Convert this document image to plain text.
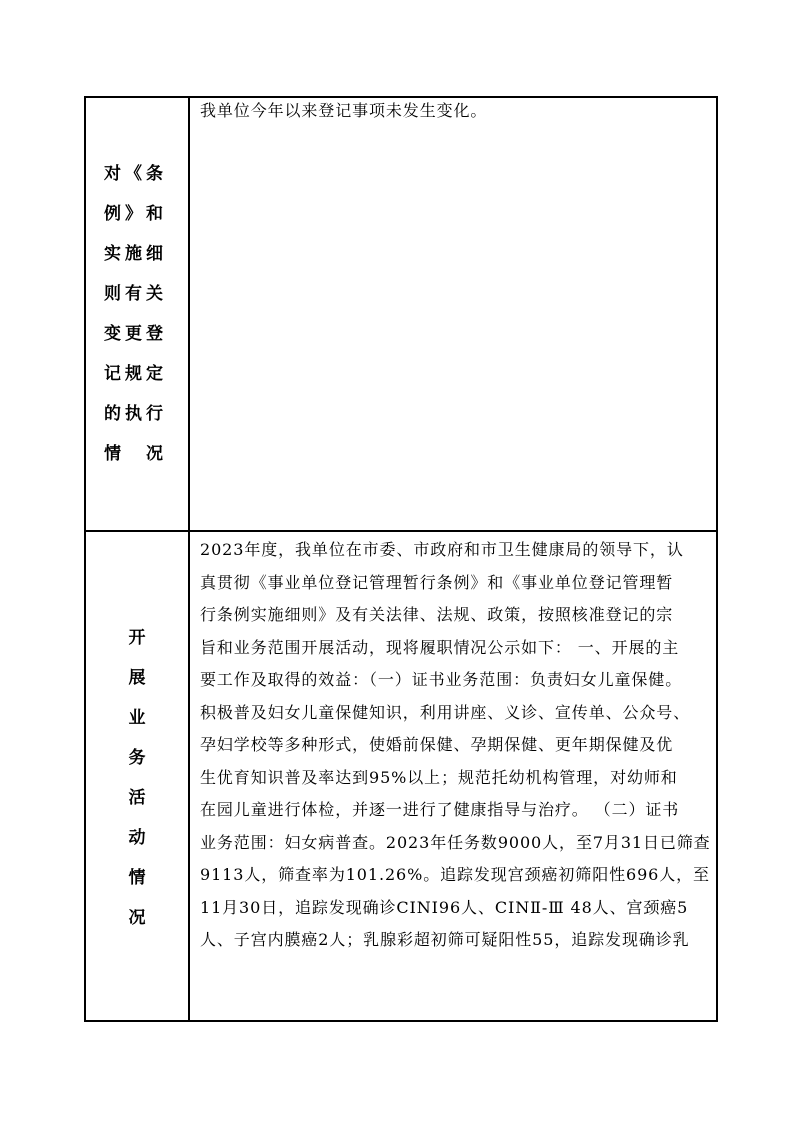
对《条
例》和
实施细
则有关
变更登
记规定
的执行
情　况
我单位今年以来登记事项未发生变化。
开
展
业
务
活
动
情
况
2023年度，我单位在市委、市政府和市卫生健康局的领导下，认
真贯彻《事业单位登记管理暂行条例》和《事业单位登记管理暂
行条例实施细则》及有关法律、法规、政策，按照核准登记的宗
旨和业务范围开展活动，现将履职情况公示如下： 一、开展的主
要工作及取得的效益：（一）证书业务范围：负责妇女儿童保健。
积极普及妇女儿童保健知识，利用讲座、义诊、宣传单、公众号、
孕妇学校等多种形式，使婚前保健、孕期保健、更年期保健及优
生优育知识普及率达到95%以上；规范托幼机构管理，对幼师和
在园儿童进行体检，并逐一进行了健康指导与治疗。 （二）证书
业务范围：妇女病普查。2023年任务数9000人，至7月31日已筛查
9113人，筛查率为101.26%。追踪发现宫颈癌初筛阳性696人，至
11月30日，追踪发现确诊CINⅠ96人、CINⅡ-Ⅲ 48人、宫颈癌5
人、子宫内膜癌2人；乳腺彩超初筛可疑阳性55，追踪发现确诊乳
